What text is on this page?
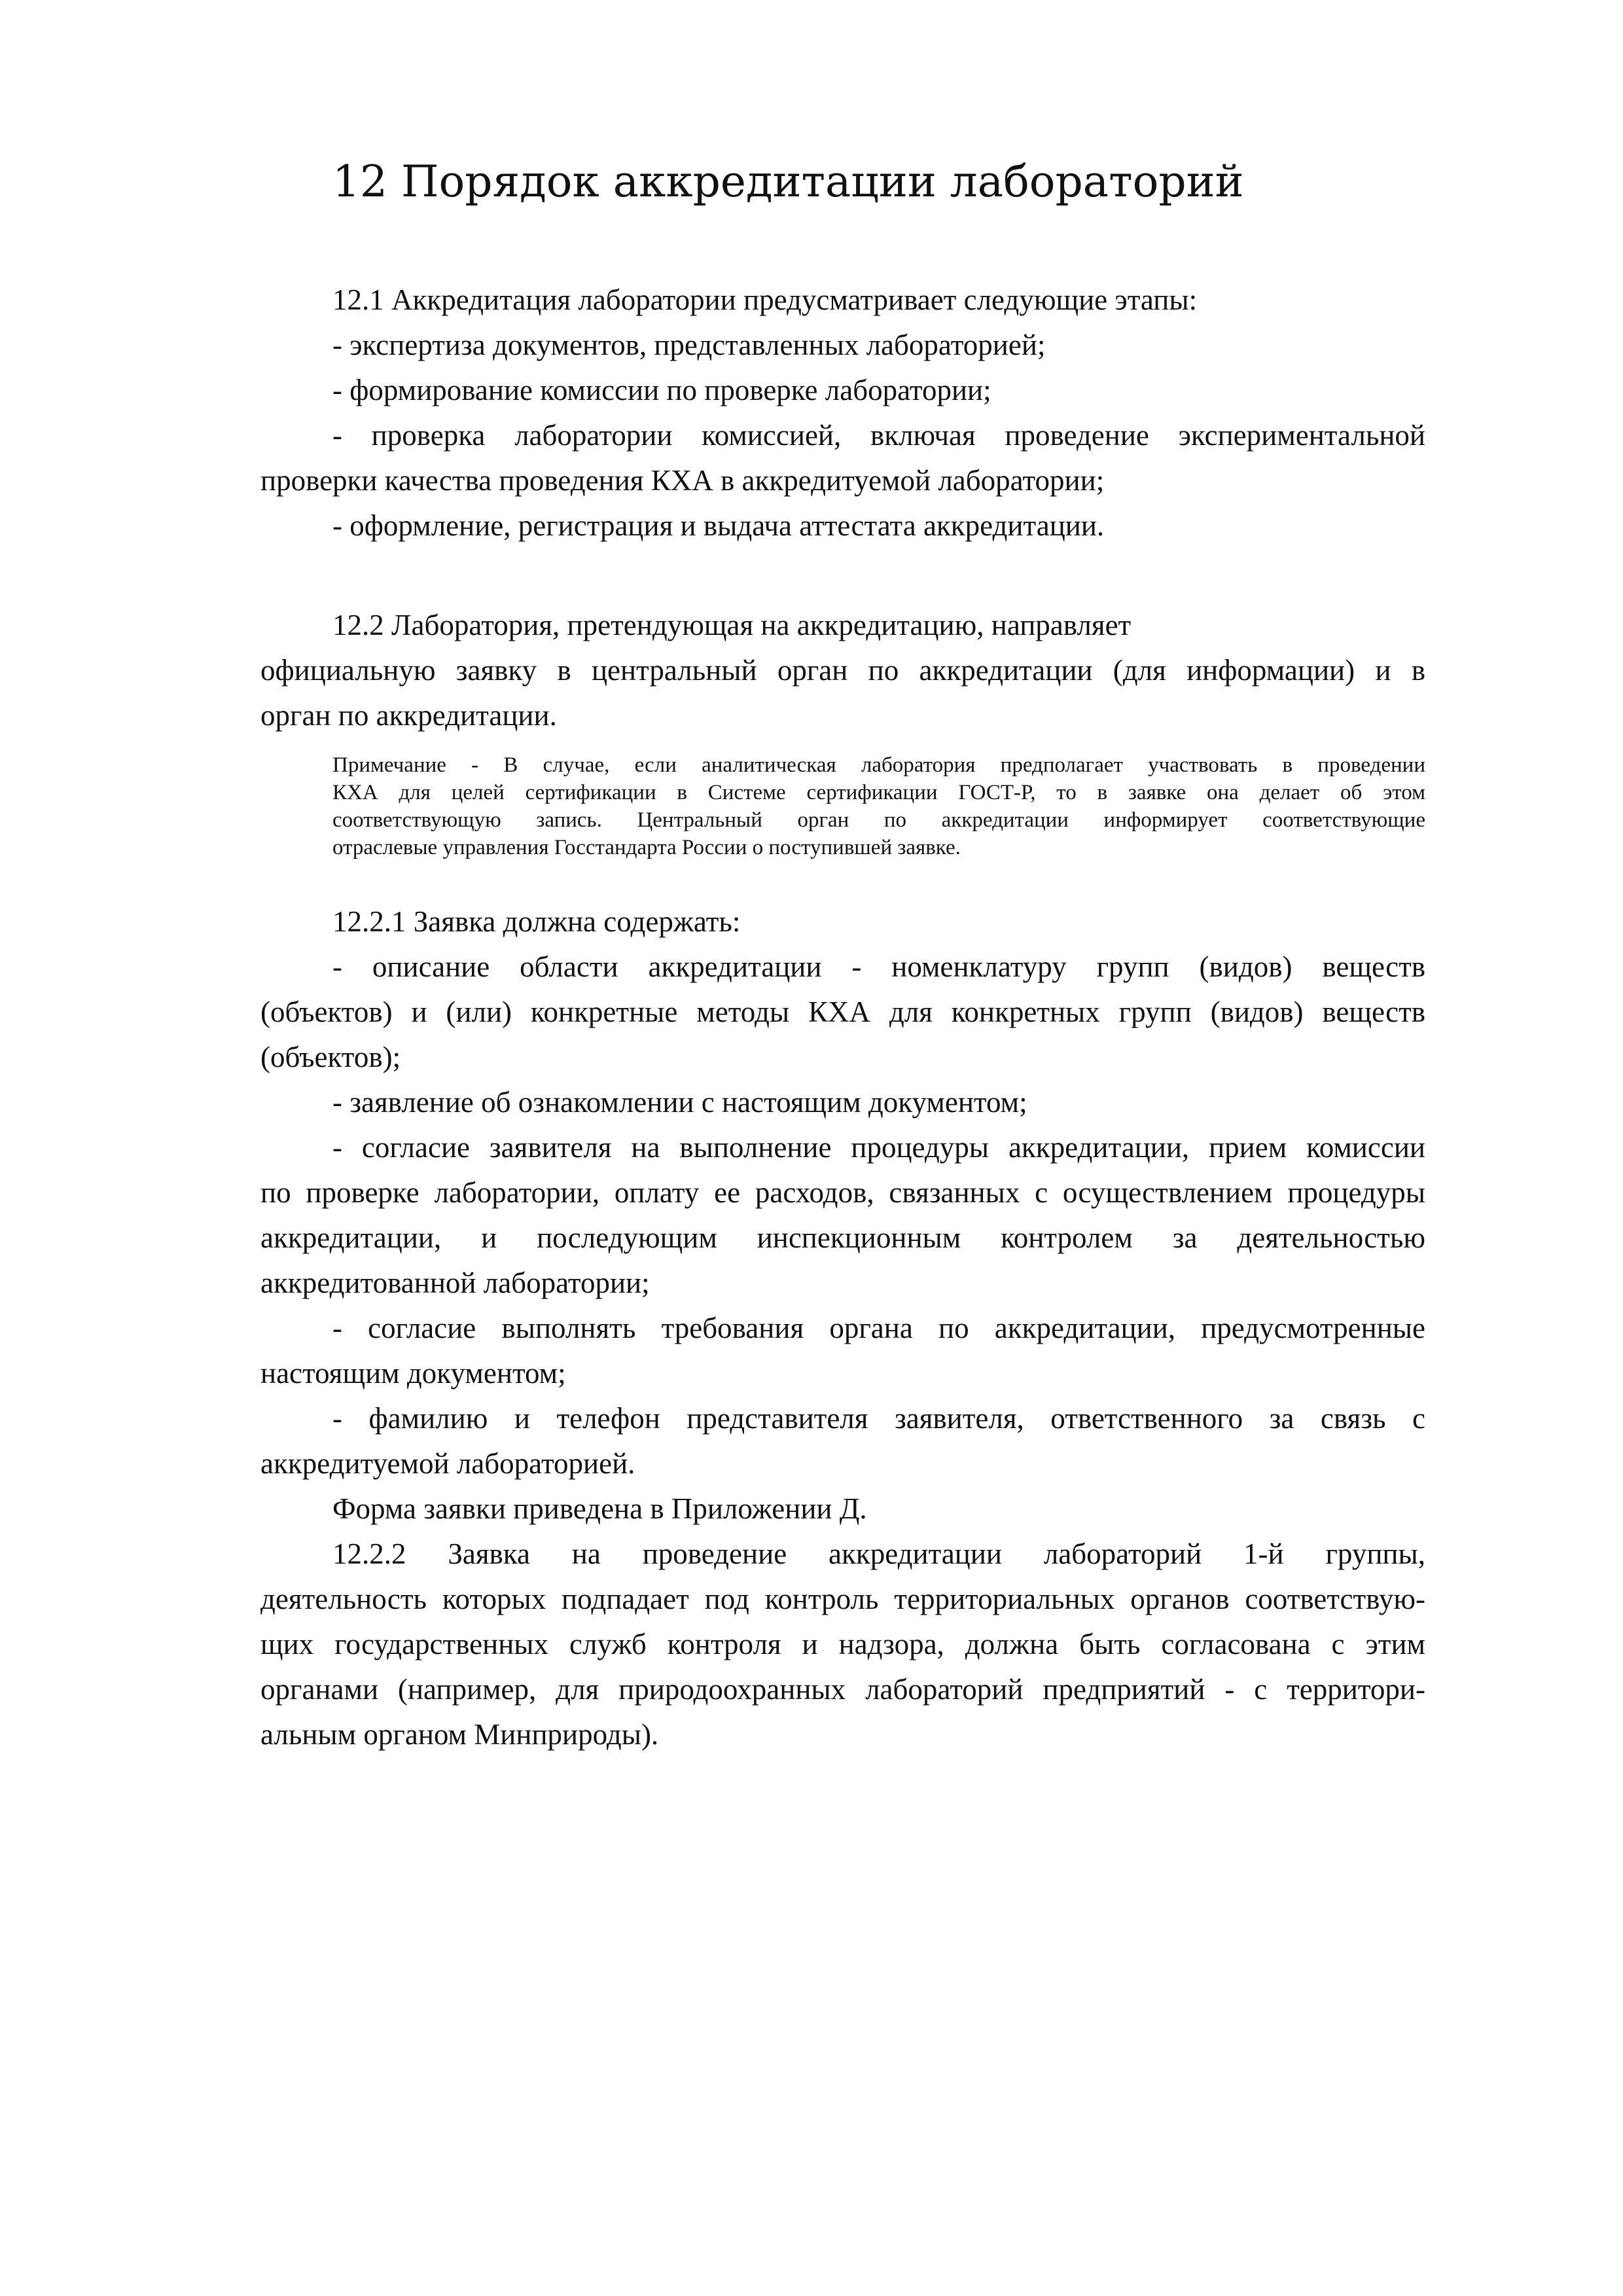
12 Порядок аккредитации лабораторий

12.1 Аккредитация лаборатории предусматривает следующие этапы:

- экспертиза документов, представленных лабораторией;

- формирование комиссии по проверке лаборатории;

- проверка лаборатории комиссией, включая проведение экспериментальной

проверки качества проведения КХА в аккредитуемой лаборатории;

- оформление, регистрация и выдача аттестата аккредитации.

12.2 Лаборатория, претендующая на аккредитацию, направляет

официальную заявку в центральный орган по аккредитации (для информации) и в

орган по аккредитации.

Примечание - В случае, если аналитическая лаборатория предполагает участвовать в проведении

КХА для целей сертификации в Системе сертификации ГОСТ-Р, то в заявке она делает об этом

соответствующую запись. Центральный орган по аккредитации информирует соответствующие

отраслевые управления Госстандарта России о поступившей заявке.

12.2.1 Заявка должна содержать:

- описание области аккредитации - номенклатуру групп (видов) веществ

(объектов) и (или) конкретные методы КХА для конкретных групп (видов) веществ

(объектов);

- заявление об ознакомлении с настоящим документом;

- согласие заявителя на выполнение процедуры аккредитации, прием комиссии

по проверке лаборатории, оплату ее расходов, связанных с осуществлением процедуры

аккредитации, и последующим инспекционным контролем за деятельностью

аккредитованной лаборатории;

- согласие выполнять требования органа по аккредитации, предусмотренные

настоящим документом;

- фамилию и телефон представителя заявителя, ответственного за связь с

аккредитуемой лабораторией.

Форма заявки приведена в Приложении Д.

12.2.2 Заявка на проведение аккредитации лабораторий 1-й группы,

деятельность которых подпадает под контроль территориальных органов соответствую-

щих государственных служб контроля и надзора, должна быть согласована с этим

органами (например, для природоохранных лабораторий предприятий - с территори-

альным органом Минприроды).
